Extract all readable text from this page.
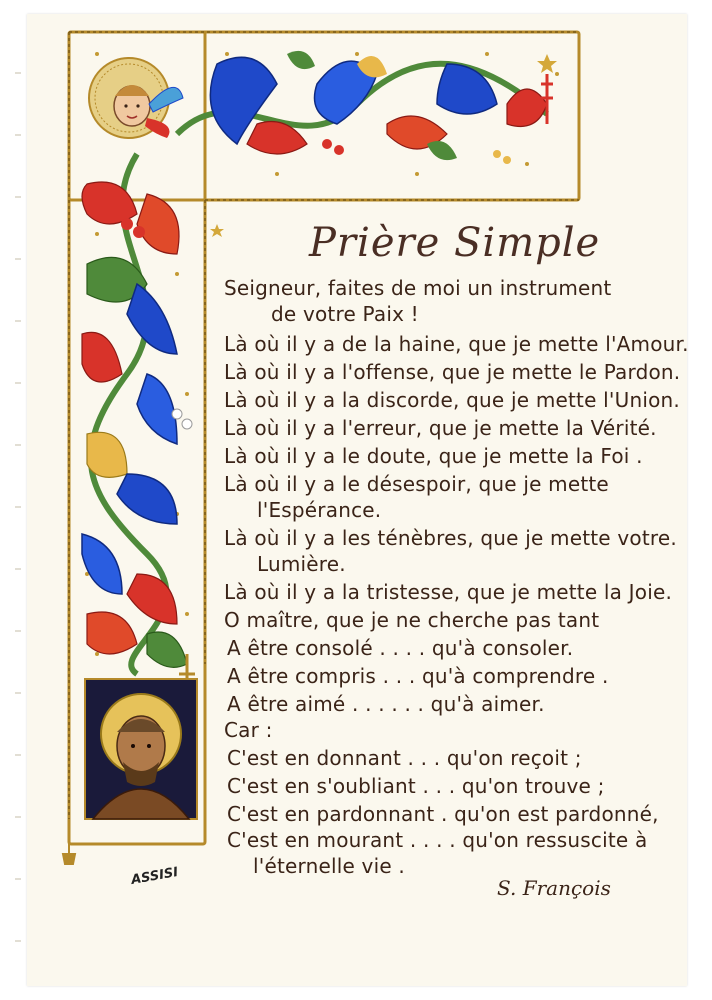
Prière Simple
Seigneur, faites de moi un instrument
de votre Paix !
Là où il y a de la haine, que je mette l'Amour.
Là où il y a l'offense, que je mette le Pardon.
Là où il y a la discorde, que je mette l'Union.
Là où il y a l'erreur, que je mette la Vérité.
Là où il y a le doute, que je mette la Foi .
Là où il y a le désespoir, que je mette
l'Espérance.
Là où il y a les ténèbres, que je mette votre.
Lumière.
Là où il y a la tristesse, que je mette la Joie.
O maître, que je ne cherche pas tant
A être consolé . . . . qu'à consoler.
A être compris . . . qu'à comprendre .
A être aimé . . . . . . qu'à aimer.
Car :
C'est en donnant . . . qu'on reçoit ;
C'est en s'oubliant . . . qu'on trouve ;
C'est en pardonnant . qu'on est pardonné,
C'est en mourant . . . . qu'on ressuscite à
l'éternelle vie .
S. François
ASSISI
